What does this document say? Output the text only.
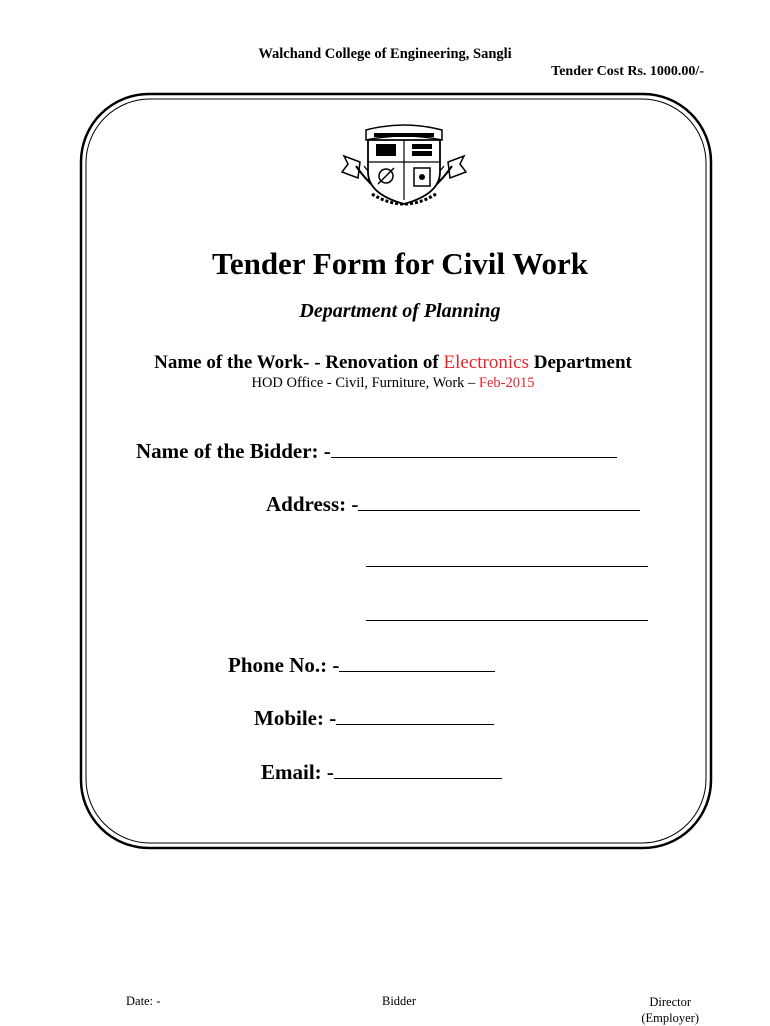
Walchand College of Engineering, Sangli
Tender Cost Rs. 1000.00/-
Tender Form for Civil Work
Department of Planning
Name of the Work- - Renovation of Electronics Department
HOD Office - Civil, Furniture, Work – Feb-2015
Name of the Bidder: -
Address: -
Phone No.: -
Mobile: -
Email: -
Date: -	Bidder	Director
(Employer)
